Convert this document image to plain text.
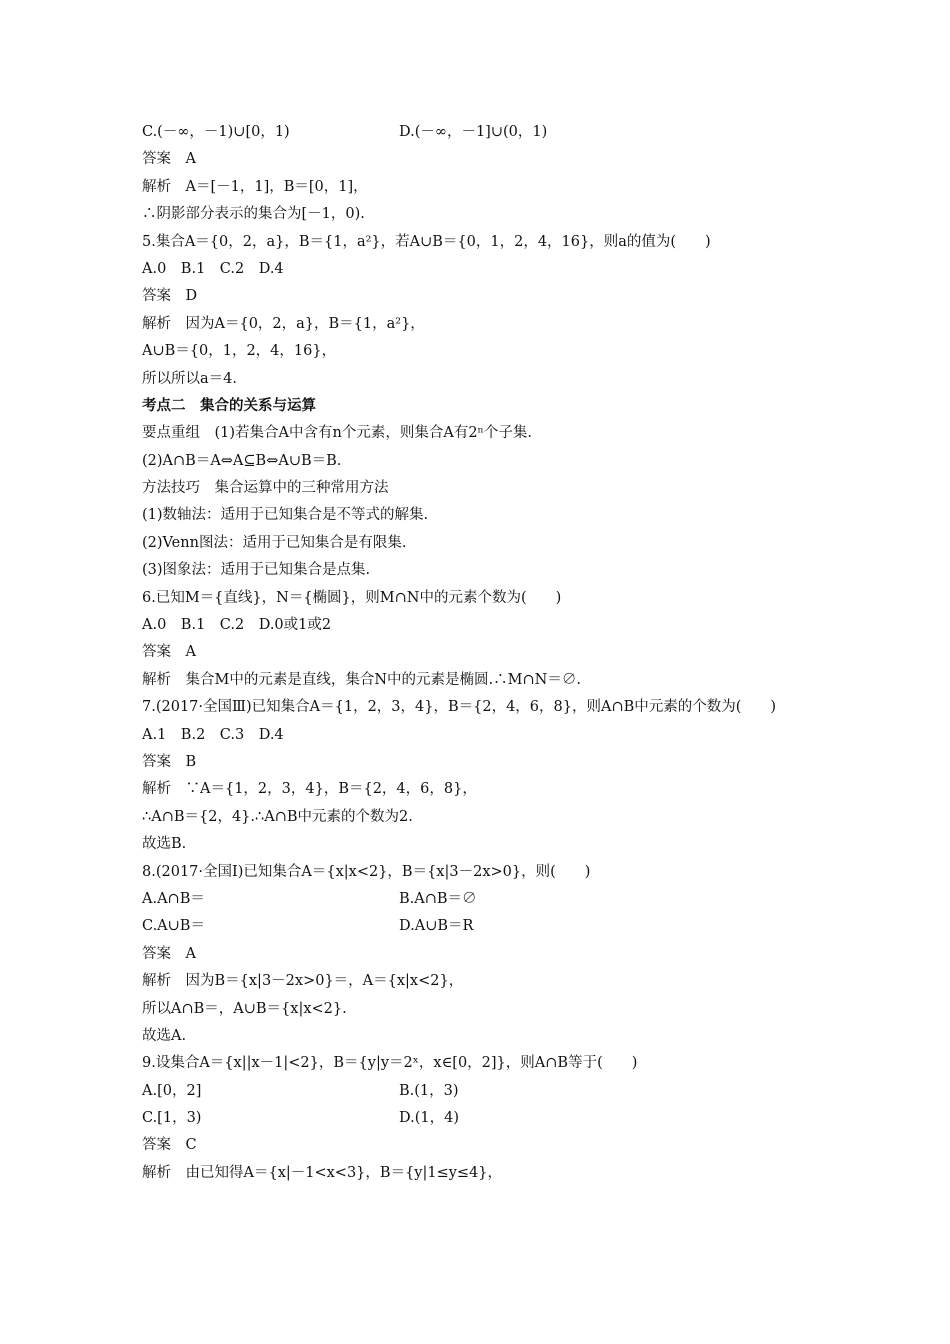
C.(－∞，－1)∪[0，1)	D.(－∞，－1]∪(0，1)
答案　A
解析　A＝[－1，1]，B＝[0，1]，
∴阴影部分表示的集合为[－1，0).
5.集合A＝{0，2，a}，B＝{1，a²}，若A∪B＝{0，1，2，4，16}，则a的值为(　　)
A.0　B.1　C.2　D.4
答案　D
解析　因为A＝{0，2，a}，B＝{1，a²}，
A∪B＝{0，1，2，4，16}，
所以所以a＝4.
考点二　集合的关系与运算
要点重组　(1)若集合A中含有n个元素，则集合A有2ⁿ个子集.
(2)A∩B＝A⇔A⊆B⇔A∪B＝B.
方法技巧　集合运算中的三种常用方法
(1)数轴法：适用于已知集合是不等式的解集.
(2)Venn图法：适用于已知集合是有限集.
(3)图象法：适用于已知集合是点集.
6.已知M＝{直线}，N＝{椭圆}，则M∩N中的元素个数为(　　)
A.0　B.1　C.2　D.0或1或2
答案　A
解析　集合M中的元素是直线，集合N中的元素是椭圆.∴M∩N＝∅.
7.(2017·全国Ⅲ)已知集合A＝{1，2，3，4}，B＝{2，4，6，8}，则A∩B中元素的个数为(　　)
A.1　B.2　C.3　D.4
答案　B
解析　∵A＝{1，2，3，4}，B＝{2，4，6，8}，
∴A∩B＝{2，4}.∴A∩B中元素的个数为2.
故选B.
8.(2017·全国Ⅰ)已知集合A＝{x|x<2}，B＝{x|3－2x>0}，则(　　)
A.A∩B＝	B.A∩B＝∅
C.A∪B＝	D.A∪B＝R
答案　A
解析　因为B＝{x|3－2x>0}＝，A＝{x|x<2}，
所以A∩B＝，A∪B＝{x|x<2}.
故选A.
9.设集合A＝{x||x－1|<2}，B＝{y|y＝2ˣ，x∈[0，2]}，则A∩B等于(　　)
A.[0，2]	B.(1，3)
C.[1，3)	D.(1，4)
答案　C
解析　由已知得A＝{x|－1<x<3}，B＝{y|1≤y≤4}，
